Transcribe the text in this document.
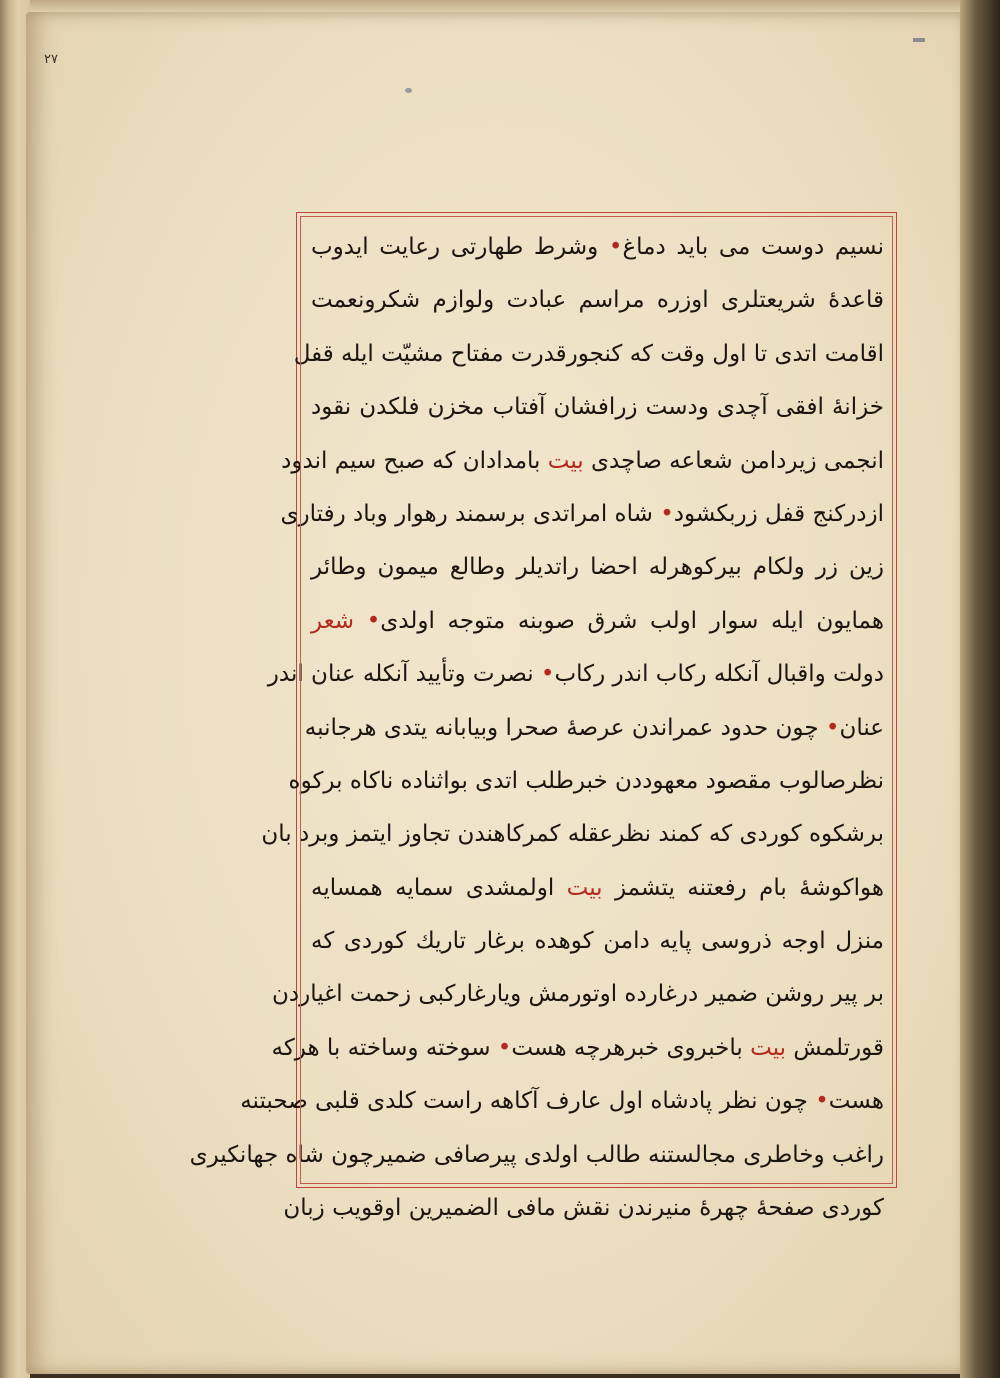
٢٧
نسیم دوست می باید دماغ• وشرط طهارتی رعایت ایدوب
قاعدهٔ شریعتلری اوزره مراسم عبادت ولوازم شکرونعمت
اقامت اتدی تا اول وقت که کنجورقدرت مفتاح مشیّت ایله قفل
خزانهٔ افقی آچدی ودست زرافشان آفتاب مخزن فلکدن نقود
انجمی زیردامن شعاعه صاچدی بیت بامدادان که صبح سیم اندود
ازدرکنج قفل زربکشود• شاه امراتدی برسمند رهوار وباد رفتاری
زین زر ولکام بیرکوهرله احضا راتدیلر وطالع میمون وطائر
همایون ایله سوار اولب شرق صوبنه متوجه اولدی• شعر
دولت واقبال آنکله رکاب اندر رکاب• نصرت وتأیید آنکله عنان اندر
عنان• چون حدود عمراندن عرصهٔ صحرا وبیابانه یتدی هرجانبه
نظرصالوب مقصود معهوددن خبرطلب اتدی بواثناده ناکاه برکوه
برشکوه کوردی که کمند نظرعقله کمرکاهندن تجاوز ایتمز وبرد بان
هواکوشهٔ بام رفعتنه یتشمز بیت اولمشدی سمایه همسایه
منزل اوجه ذروسی پایه دامن کوهده برغار تاریك کوردی که
بر پیر روشن ضمیر درغارده اوتورمش ویارغارکبی زحمت اغیاردن
قورتلمش بیت باخبروی خبرهرچه هست• سوخته وساخته با هرکه
هست• چون نظر پادشاه اول عارف آکاهه راست کلدی قلبی صحبتنه
راغب وخاطری مجالستنه طالب اولدی پیرصافی ضمیرچون شاه جهانکیری
کوردی صفحهٔ چهرهٔ منیرندن نقش مافی الضمیرین اوقویب زبان
